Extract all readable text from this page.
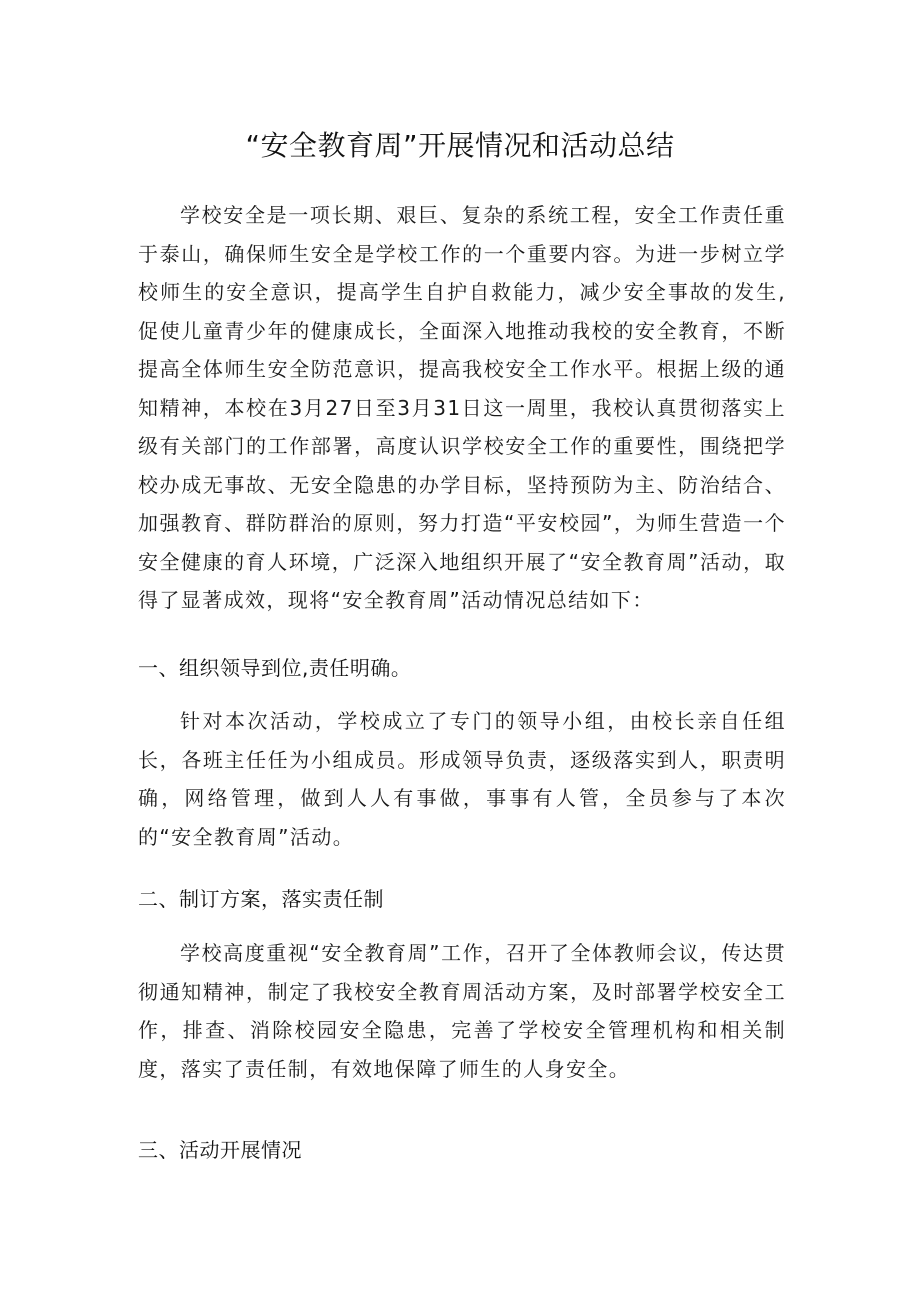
“安全教育周”开展情况和活动总结

学校安全是一项长期、艰巨、复杂的系统工程，安全工作责任重于泰山，确保师生安全是学校工作的一个重要内容。为进一步树立学校师生的安全意识，提高学生自护自救能力，减少安全事故的发生,促使儿童青少年的健康成长，全面深入地推动我校的安全教育，不断提高全体师生安全防范意识，提高我校安全工作水平。根据上级的通知精神，本校在3月27日至3月31日这一周里，我校认真贯彻落实上级有关部门的工作部署，高度认识学校安全工作的重要性，围绕把学校办成无事故、无安全隐患的办学目标，坚持预防为主、防治结合、加强教育、群防群治的原则，努力打造“平安校园”，为师生营造一个安全健康的育人环境，广泛深入地组织开展了“安全教育周”活动，取得了显著成效，现将“安全教育周”活动情况总结如下：

一、组织领导到位,责任明确。

针对本次活动，学校成立了专门的领导小组，由校长亲自任组长，各班主任任为小组成员。形成领导负责，逐级落实到人，职责明确，网络管理，做到人人有事做，事事有人管，全员参与了本次的“安全教育周”活动。

二、制订方案，落实责任制

学校高度重视“安全教育周”工作，召开了全体教师会议，传达贯彻通知精神，制定了我校安全教育周活动方案，及时部署学校安全工作，排查、消除校园安全隐患，完善了学校安全管理机构和相关制度，落实了责任制，有效地保障了师生的人身安全。

三、活动开展情况
